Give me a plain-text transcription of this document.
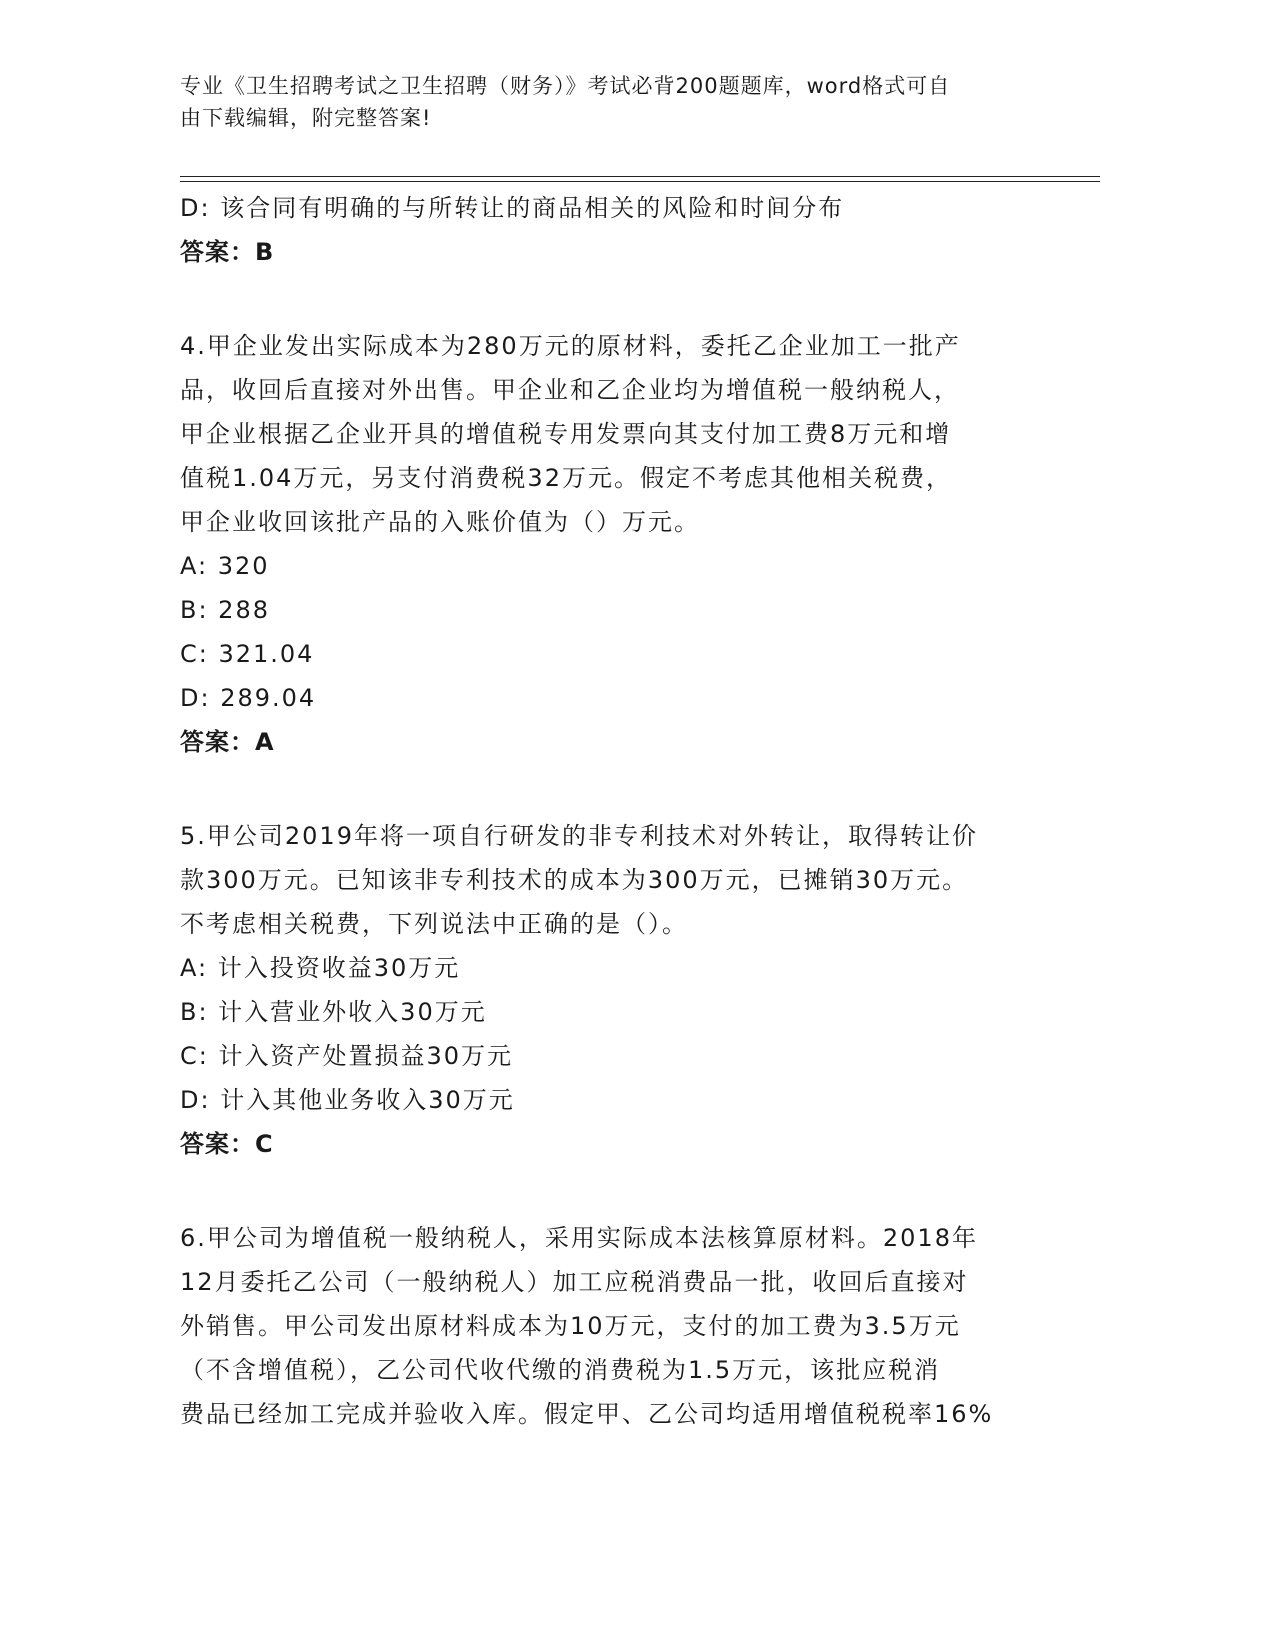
专业《卫生招聘考试之卫生招聘（财务）》考试必背200题题库，word格式可自
由下载编辑，附完整答案!
D: 该合同有明确的与所转让的商品相关的风险和时间分布
答案：B
4.甲企业发出实际成本为280万元的原材料，委托乙企业加工一批产
品，收回后直接对外出售。甲企业和乙企业均为增值税一般纳税人，
甲企业根据乙企业开具的增值税专用发票向其支付加工费8万元和增
值税1.04万元，另支付消费税32万元。假定不考虑其他相关税费，
甲企业收回该批产品的入账价值为（）万元。
A: 320
B: 288
C: 321.04
D: 289.04
答案：A
5.甲公司2019年将一项自行研发的非专利技术对外转让，取得转让价
款300万元。已知该非专利技术的成本为300万元，已摊销30万元。
不考虑相关税费，下列说法中正确的是（）。
A: 计入投资收益30万元
B: 计入营业外收入30万元
C: 计入资产处置损益30万元
D: 计入其他业务收入30万元
答案：C
6.甲公司为增值税一般纳税人，采用实际成本法核算原材料。2018年
12月委托乙公司（一般纳税人）加工应税消费品一批，收回后直接对
外销售。甲公司发出原材料成本为10万元，支付的加工费为3.5万元
（不含增值税），乙公司代收代缴的消费税为1.5万元，该批应税消
费品已经加工完成并验收入库。假定甲、乙公司均适用增值税税率16%
